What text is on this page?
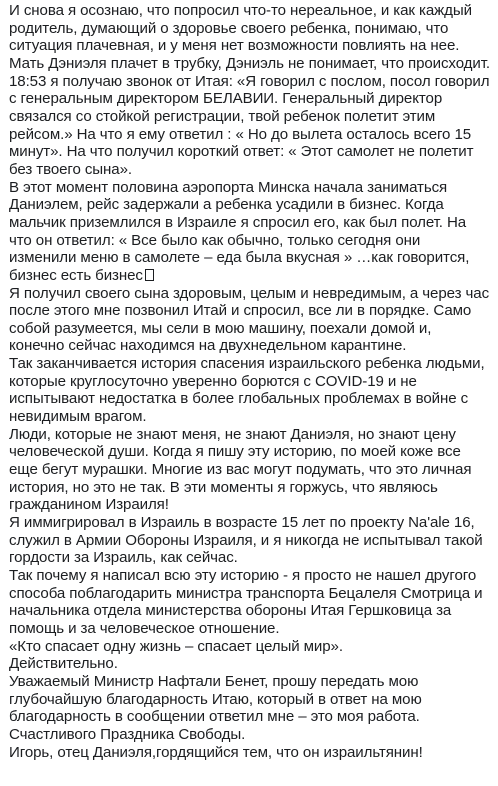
И снова я осознаю, что попросил что-то нереальное, и как каждый родитель, думающий о здоровье своего ребенка, понимаю, что ситуация плачевная, и у меня нет возможности повлиять на нее.

Мать Дэниэля плачет в трубку, Дэниэль не понимает, что происходит.

18:53 я получаю звонок от Итая: «Я говорил с послом, посол говорил с генеральным директором БЕЛАВИИ. Генеральный директор связался со стойкой регистрации, твой ребенок полетит этим рейсом.» На что я ему ответил : « Но до вылета осталось всего 15 минут». На что получил короткий ответ: « Этот самолет не полетит без твоего сына».

В этот момент половина аэропорта Минска начала заниматься Даниэлем, рейс задержали а ребенка усадили в бизнес. Когда мальчик приземлился в Израиле я спросил его, как был полет. На что он ответил: « Все было как обычно, только сегодня они изменили меню в самолете – еда была вкусная » …как говорится, бизнес есть бизнес

Я получил своего сына здоровым, целым и невредимым, а через час после этого мне позвонил Итай и спросил, все ли в порядке. Само собой разумеется, мы сели в мою машину, поехали домой и, конечно сейчас находимся на двухнедельном карантине.

Так заканчивается история спасения израильского ребенка людьми, которые круглосуточно уверенно борются с COVID-19 и не испытывают недостатка в более глобальных проблемах в войне с невидимым врагом.

Люди, которые не знают меня, не знают Даниэля, но знают цену человеческой души. Когда я пишу эту историю, по моей коже все еще бегут мурашки. Многие из вас могут подумать, что это личная история, но это не так. В эти моменты я горжусь, что являюсь гражданином Израиля!

Я иммигрировал в Израиль в возрасте 15 лет по проекту Na'ale 16, служил в Армии Обороны Израиля, и я никогда не испытывал такой гордости за Израиль, как сейчас.

Так почему я написал всю эту историю - я просто не нашел другого способа поблагодарить министра транспорта Бецалеля Смотрица и начальника отдела министерства обороны Итая Гершковица за помощь и за человеческое отношение.

«Кто спасает одну жизнь – спасает целый мир».

Действительно.

Уважаемый Министр Нафтали Бенет, прошу передать мою глубочайшую благодарность Итаю, который в ответ на мою благодарность в сообщении ответил мне – это моя работа.

Счастливого Праздника Свободы.

Игорь, отец Даниэля,гордящийся тем, что он израильтянин!
